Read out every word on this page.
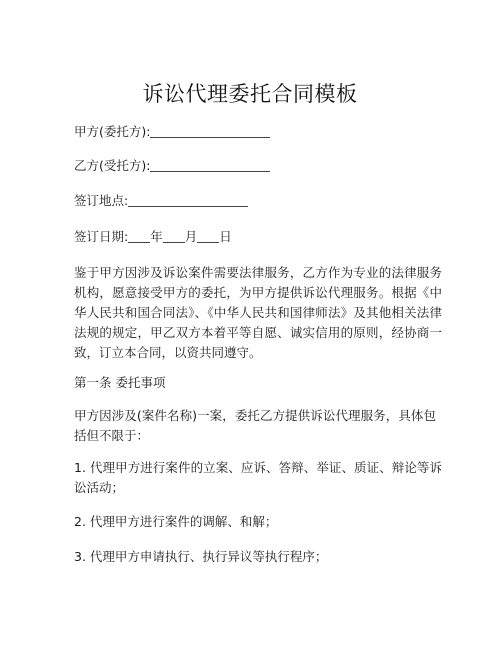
诉讼代理委托合同模板
甲方(委托方):
乙方(受托方):
签订地点:
签订日期: 年 月 日
鉴于甲方因涉及诉讼案件需要法律服务，乙方作为专业的法律服务机构，愿意接受甲方的委托，为甲方提供诉讼代理服务。根据《中华人民共和国合同法》、《中华人民共和国律师法》及其他相关法律法规的规定，甲乙双方本着平等自愿、诚实信用的原则，经协商一致，订立本合同，以资共同遵守。
第一条 委托事项
甲方因涉及(案件名称)一案，委托乙方提供诉讼代理服务，具体包括但不限于：
1. 代理甲方进行案件的立案、应诉、答辩、举证、质证、辩论等诉讼活动；
2. 代理甲方进行案件的调解、和解；
3. 代理甲方申请执行、执行异议等执行程序；
